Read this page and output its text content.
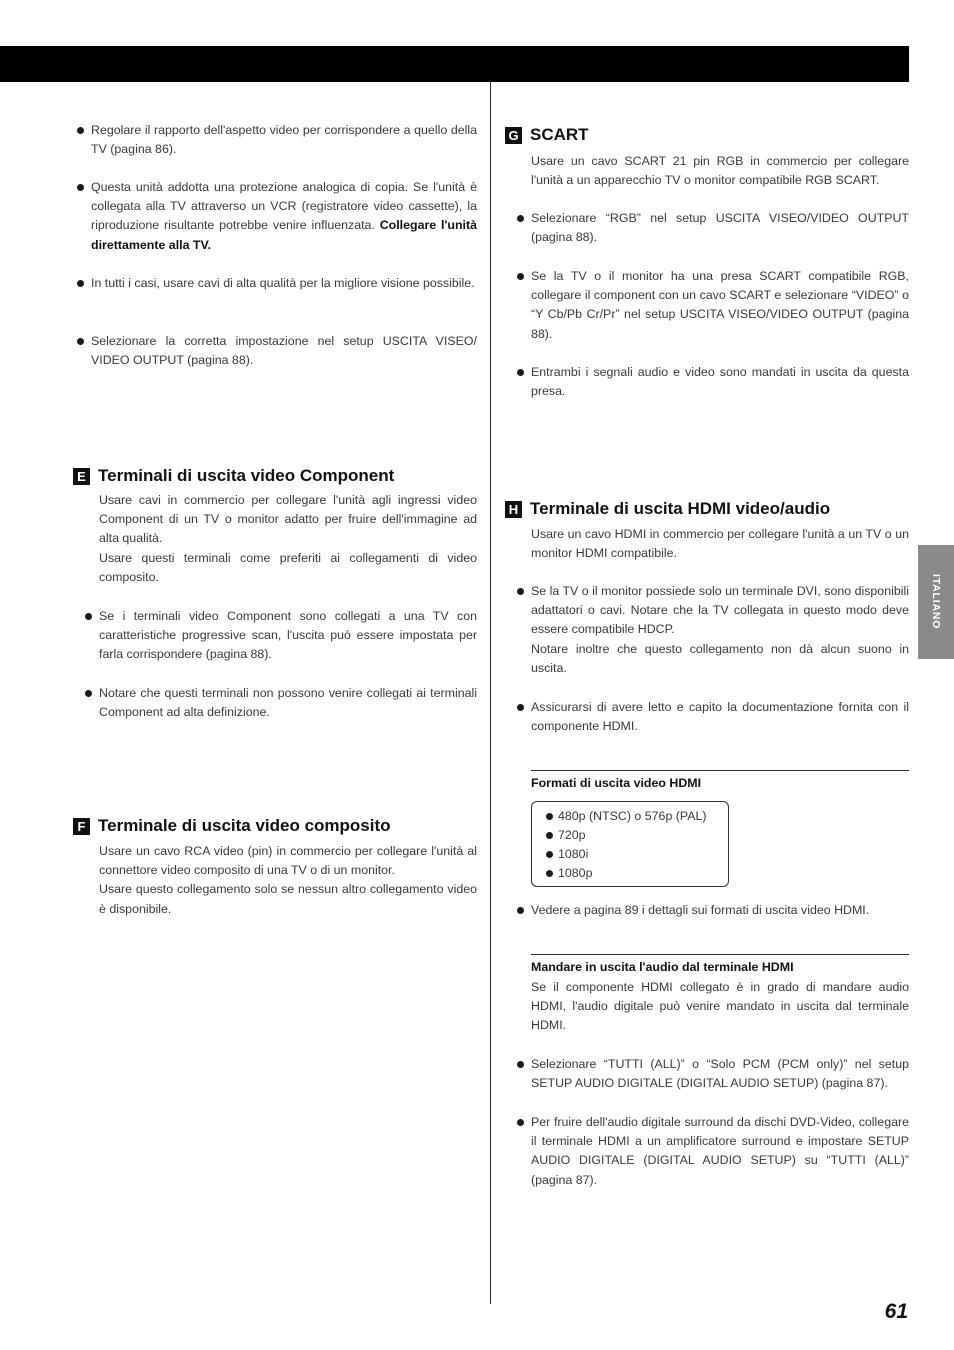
ITALIANO
Regolare il rapporto dell'aspetto video per corrispondere a quello della TV (pagina 86).
Questa unità addotta una protezione analogica di copia. Se l'unità è collegata alla TV attraverso un VCR (registratore video cassette), la riproduzione risultante potrebbe venire influenzata. Collegare l'unità direttamente alla TV.
In tutti i casi, usare cavi di alta qualità per la migliore visione possibile.
Selezionare la corretta impostazione nel setup USCITA VISEO/ VIDEO OUTPUT (pagina 88).
E Terminali di uscita video Component
Usare cavi in commercio per collegare l'unità agli ingressi video Component di un TV o monitor adatto per fruire dell'immagine ad alta qualità.
Usare questi terminali come preferiti ai collegamenti di video composito.
Se i terminali video Component sono collegati a una TV con caratteristiche progressive scan, l'uscita può essere impostata per farla corrispondere (pagina 88).
Notare che questi terminali non possono venire collegati ai terminali Component ad alta definizione.
F Terminale di uscita video composito
Usare un cavo RCA video (pin) in commercio per collegare l'unità al connettore video composito di una TV o di un monitor.
Usare questo collegamento solo se nessun altro collegamento video è disponibile.
G SCART
Usare un cavo SCART 21 pin RGB in commercio per collegare l'unità a un apparecchio TV o monitor compatibile RGB SCART.
Selezionare “RGB” nel setup USCITA VISEO/VIDEO OUTPUT (pagina 88).
Se la TV o il monitor ha una presa SCART compatibile RGB, collegare il component con un cavo SCART e selezionare “VIDEO” o “Y Cb/Pb Cr/Pr” nel setup USCITA VISEO/VIDEO OUTPUT (pagina 88).
Entrambi i segnali audio e video sono mandati in uscita da questa presa.
H Terminale di uscita HDMI video/audio
Usare un cavo HDMI in commercio per collegare l'unità a un TV o un monitor HDMI compatibile.
Se la TV o il monitor possiede solo un terminale DVI, sono disponibili adattatori o cavi. Notare che la TV collegata in questo modo deve essere compatibile HDCP.
Notare inoltre che questo collegamento non dà alcun suono in uscita.
Assicurarsi di avere letto e capito la documentazione fornita con il componente HDMI.
Formati di uscita video HDMI
480p (NTSC) o 576p (PAL)
720p
1080i
1080p
Vedere a pagina 89 i dettagli sui formati di uscita video HDMI.
Mandare in uscita l'audio dal terminale HDMI
Se il componente HDMI collegato è in grado di mandare audio HDMI, l'audio digitale può venire mandato in uscita dal terminale HDMI.
Selezionare “TUTTI (ALL)” o “Solo PCM (PCM only)” nel setup SETUP AUDIO DIGITALE (DIGITAL AUDIO SETUP) (pagina 87).
Per fruire dell'audio digitale surround da dischi DVD-Video, collegare il terminale HDMI a un amplificatore surround e impostare SETUP AUDIO DIGITALE (DIGITAL AUDIO SETUP) su “TUTTI (ALL)” (pagina 87).
61
